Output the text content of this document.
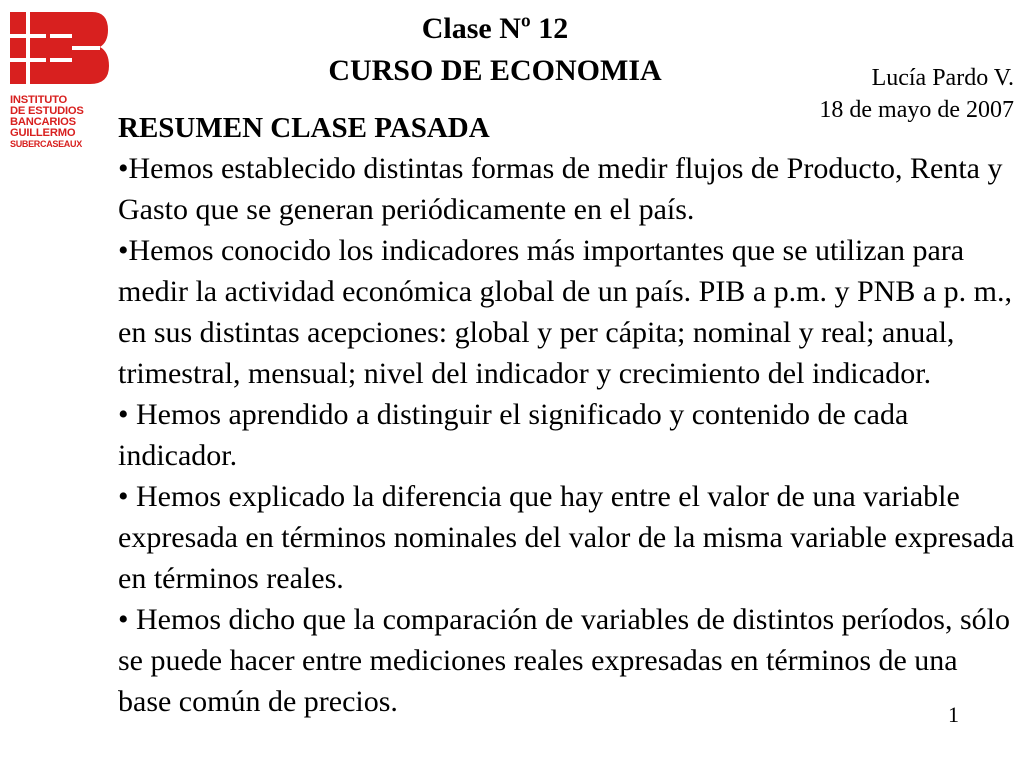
INSTITUTO
DE ESTUDIOS
BANCARIOS
GUILLERMO
SUBERCASEAUX
Clase Nº 12
CURSO DE ECONOMIA	Lucía Pardo V.
18 de mayo de 2007
RESUMEN CLASE PASADA

•Hemos establecido distintas formas de medir flujos de Producto, Renta y Gasto que se generan periódicamente en el país.

•Hemos conocido los indicadores más importantes que se utilizan para medir la actividad económica global de un país. PIB a p.m. y PNB a p. m., en sus distintas acepciones: global y per cápita; nominal y real; anual, trimestral, mensual; nivel del indicador y crecimiento del indicador.

• Hemos aprendido a distinguir el significado y contenido de cada indicador.

• Hemos explicado la diferencia que hay entre el valor de una variable expresada en términos nominales del valor de la misma variable expresada en términos reales.

• Hemos dicho que la comparación de variables de distintos períodos, sólo se puede hacer entre mediciones reales expresadas en términos de una base común de precios.	1
